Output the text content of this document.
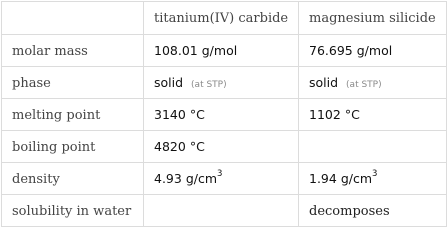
	titanium(IV) carbide	magnesium silicide
molar mass	108.01 g/mol	76.695 g/mol
phase	solid (at STP)	solid (at STP)
melting point	3140 °C	1102 °C
boiling point	4820 °C	
density	4.93 $g/cm^3$	1.94 $g/cm^3$
solubility in water		decomposes
